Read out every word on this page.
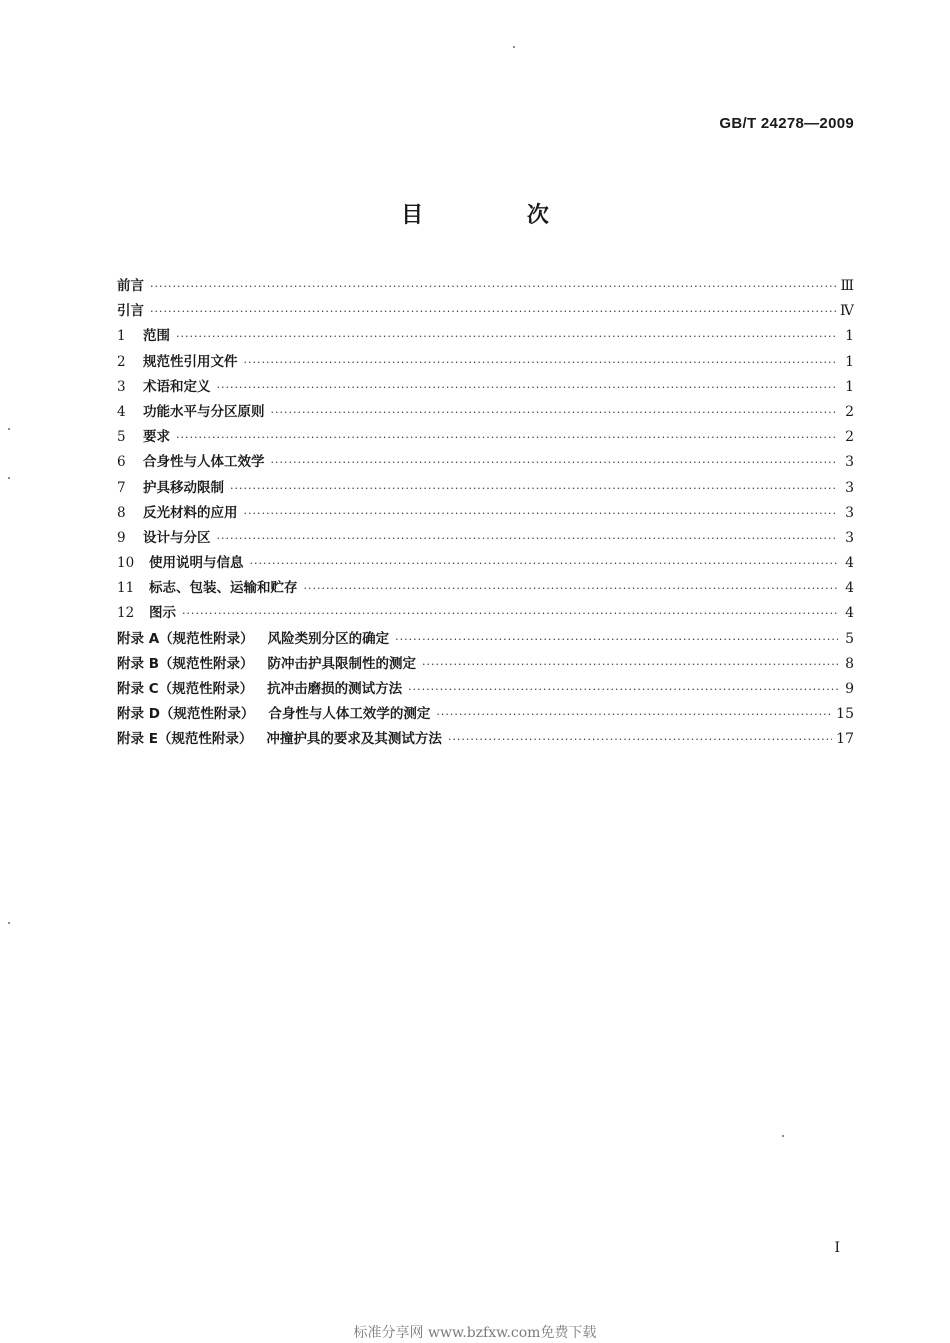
GB/T 24278—2009
目 次
前言 ·····	Ⅲ
引言 ·····	Ⅳ
1 范围 ·····	1
2 规范性引用文件 ·····	1
3 术语和定义 ·····	1
4 功能水平与分区原则 ·····	2
5 要求 ·····	2
6 合身性与人体工效学 ·····	3
7 护具移动限制 ·····	3
8 反光材料的应用 ·····	3
9 设计与分区 ·····	3
10 使用说明与信息 ·····	4
11 标志、包装、运输和贮存 ·····	4
12 图示 ·····	4
附录 A（规范性附录） 风险类别分区的确定 ·····	5
附录 B（规范性附录） 防冲击护具限制性的测定 ·····	8
附录 C（规范性附录） 抗冲击磨损的测试方法 ·····	9
附录 D（规范性附录） 合身性与人体工效学的测定 ·····	15
附录 E（规范性附录） 冲撞护具的要求及其测试方法 ·····	17
I
标准分享网 www.bzfxw.com免费下载
